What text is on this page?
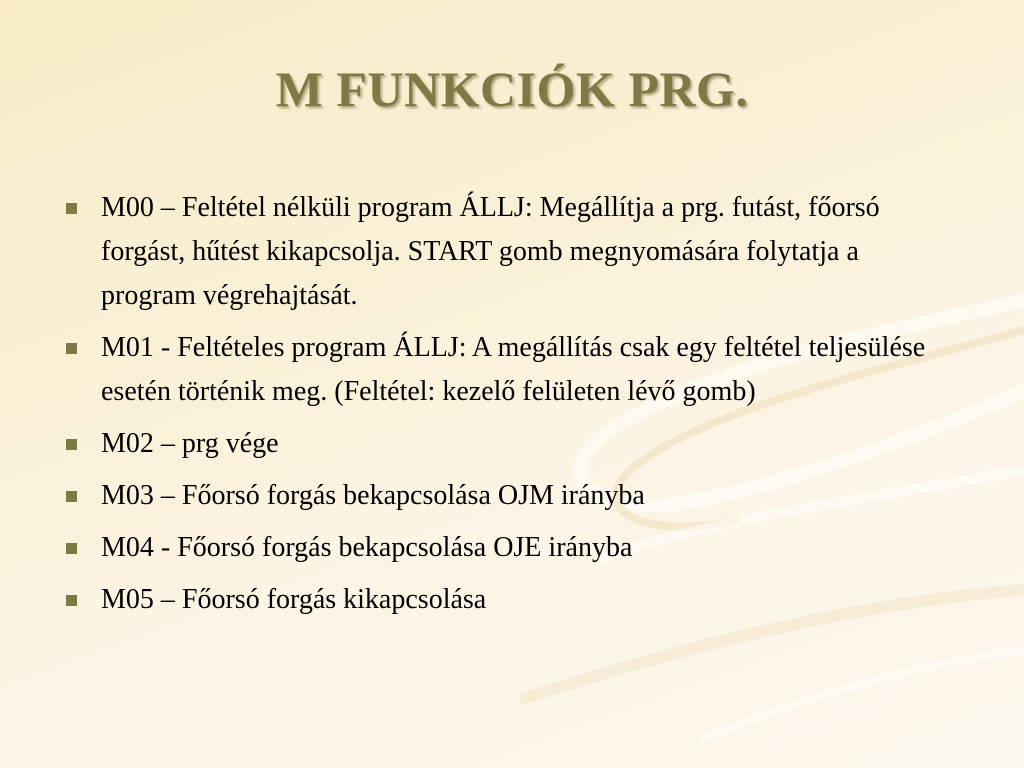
M FUNKCIÓK PRG.
M00 – Feltétel nélküli program ÁLLJ: Megállítja a prg. futást, főorsó forgást, hűtést kikapcsolja. START gomb megnyomására folytatja a program végrehajtását.
M01 - Feltételes program ÁLLJ: A megállítás csak egy feltétel teljesülése esetén történik meg. (Feltétel: kezelő felületen lévő gomb)
M02 – prg vége
M03 – Főorsó forgás bekapcsolása OJM irányba
M04 - Főorsó forgás bekapcsolása OJE irányba
M05 – Főorsó forgás kikapcsolása
